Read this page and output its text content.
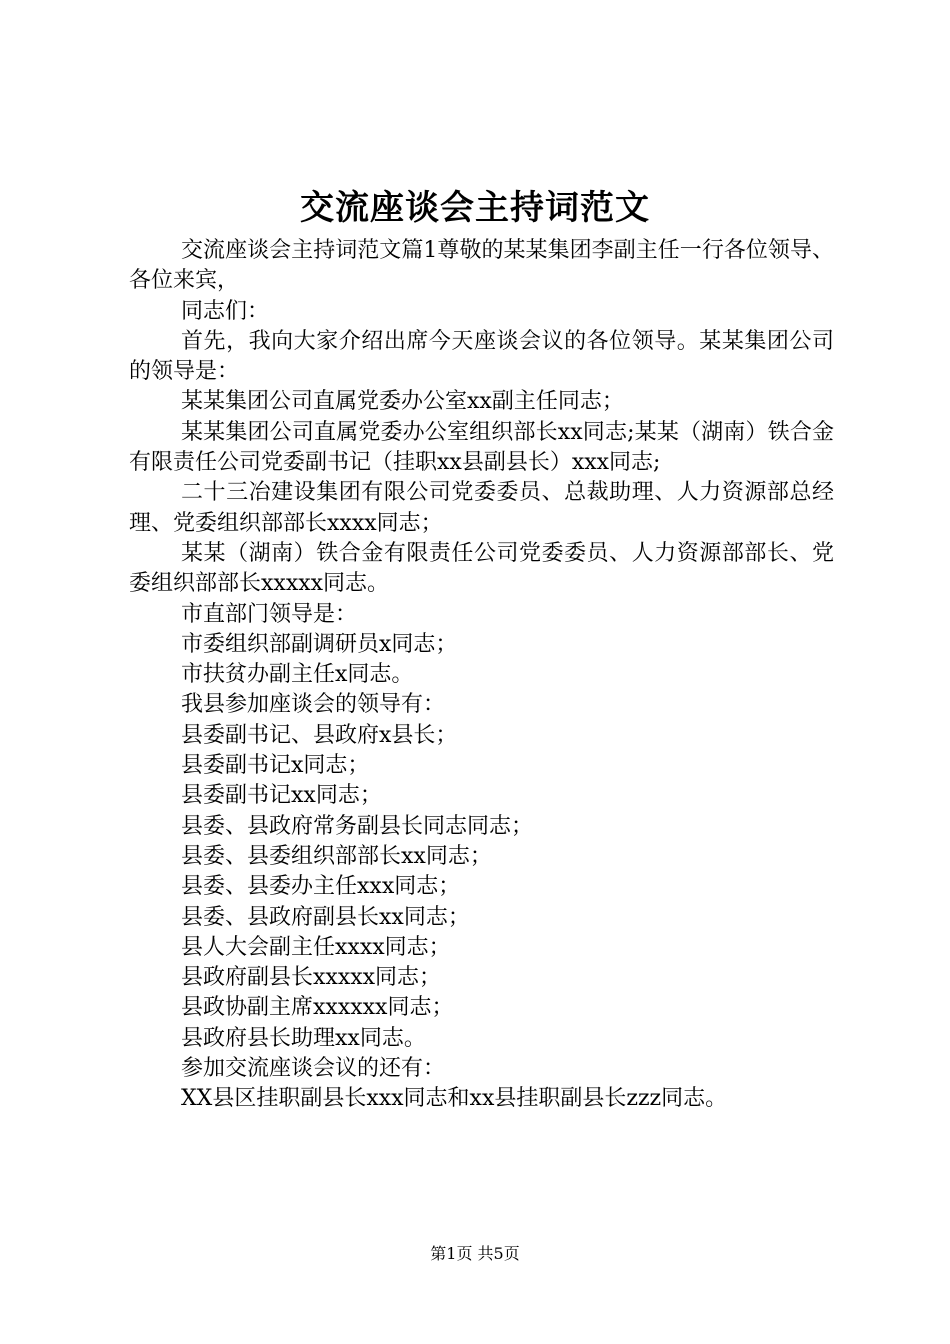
交流座谈会主持词范文

交流座谈会主持词范文篇1尊敬的某某集团李副主任一行各位领导、各位来宾，

同志们：

首先，我向大家介绍出席今天座谈会议的各位领导。某某集团公司的领导是：

某某集团公司直属党委办公室xx副主任同志；

某某集团公司直属党委办公室组织部长xx同志;某某（湖南）铁合金有限责任公司党委副书记（挂职xx县副县长）xxx同志;

二十三冶建设集团有限公司党委委员、总裁助理、人力资源部总经理、党委组织部部长xxxx同志；

某某（湖南）铁合金有限责任公司党委委员、人力资源部部长、党委组织部部长xxxxx同志。

市直部门领导是：

市委组织部副调研员x同志；

市扶贫办副主任x同志。

我县参加座谈会的领导有：

县委副书记、县政府x县长；

县委副书记x同志；

县委副书记xx同志；

县委、县政府常务副县长同志同志；

县委、县委组织部部长xx同志；

县委、县委办主任xxx同志；

县委、县政府副县长xx同志；

县人大会副主任xxxx同志；

县政府副县长xxxxx同志；

县政协副主席xxxxxx同志；

县政府县长助理xx同志。

参加交流座谈会议的还有：

XX县区挂职副县长xxx同志和xx县挂职副县长zzz同志。

第1页 共5页
